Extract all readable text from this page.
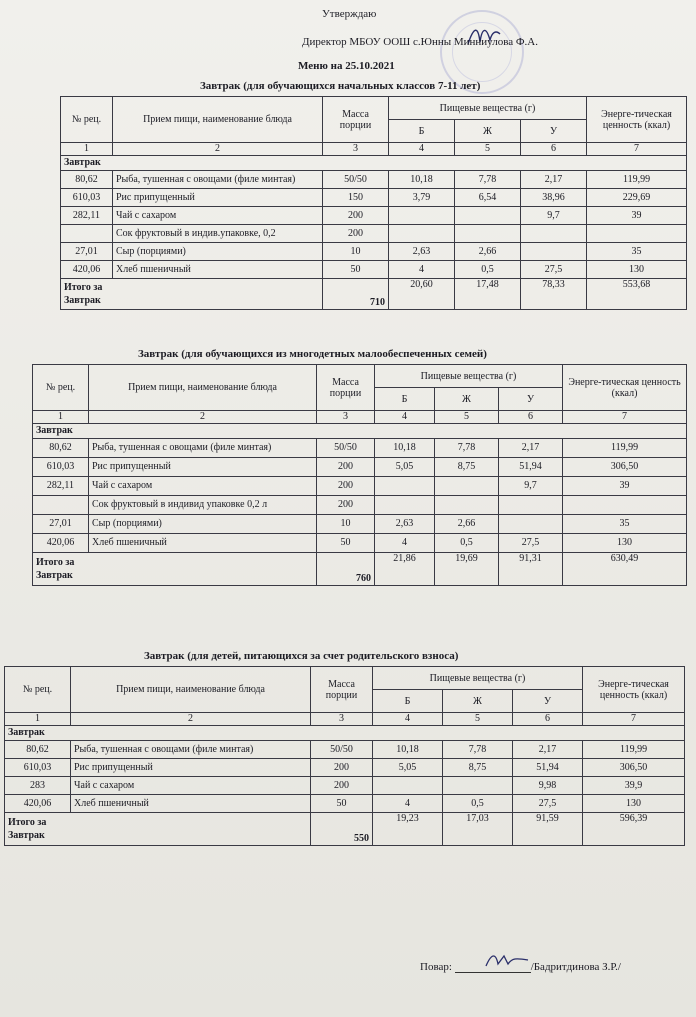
Утверждаю
Директор МБОУ ООШ с.Юнны Минниулова Ф.А.
Меню на 25.10.2021
Завтрак (для обучающихся начальных классов 7-11 лет)
№ рец.	Прием пищи, наименование блюда	Масса порции	Пищевые вещества (г)			Энерге-тическая ценность (ккал)
			Б	Ж	У	
1	2	3	4	5	6	7
Завтрак						
80,62	Рыба, тушенная с овощами (филе минтая)	50/50	10,18	7,78	2,17	119,99
610,03	Рис припущенный	150	3,79	6,54	38,96	229,69
282,11	Чай с сахаром	200			9,7	39
	Сок фруктовый в индив.упаковке, 0,2	200				
27,01	Сыр (порциями)	10	2,63	2,66		35
420,06	Хлеб пшеничный	50	4	0,5	27,5	130

Итого за
Завтрак		710	20,60	17,48	78,33	553,68
Завтрак (для обучающихся из многодетных малообеспеченных семей)
№ рец.	Прием пищи, наименование блюда	Масса порции	Пищевые вещества (г)			Энерге-тическая ценность (ккал)
			Б	Ж	У	
1	2	3	4	5	6	7
Завтрак						
80,62	Рыба, тушенная с овощами (филе минтая)	50/50	10,18	7,78	2,17	119,99
610,03	Рис припущенный	200	5,05	8,75	51,94	306,50
282,11	Чай с сахаром	200			9,7	39
	Сок фруктовый в индивид упаковке 0,2 л	200				
27,01	Сыр (порциями)	10	2,63	2,66		35
420,06	Хлеб пшеничный	50	4	0,5	27,5	130

Итого за
Завтрак		760	21,86	19,69	91,31	630,49
Завтрак (для детей, питающихся за счет родительского взноса)
№ рец.	Прием пищи, наименование блюда	Масса порции	Пищевые вещества (г)			Энерге-тическая ценность (ккал)
			Б	Ж	У	
1	2	3	4	5	6	7
Завтрак						
80,62	Рыба, тушенная с овощами (филе минтая)	50/50	10,18	7,78	2,17	119,99
610,03	Рис припущенный	200	5,05	8,75	51,94	306,50
283	Чай с сахаром	200			9,98	39,9
420,06	Хлеб пшеничный	50	4	0,5	27,5	130

Итого за
Завтрак		550	19,23	17,03	91,59	596,39
Повар:	/Бадритдинова З.Р./
